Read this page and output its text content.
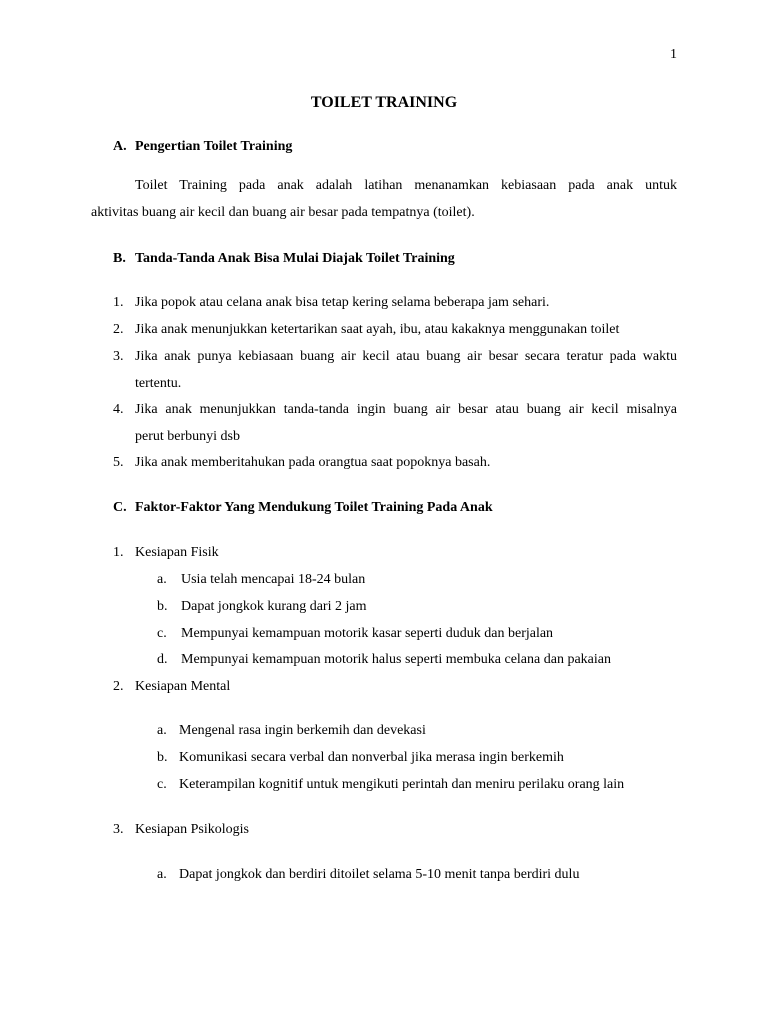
1
TOILET TRAINING
A. Pengertian Toilet Training
Toilet Training pada anak adalah latihan menanamkan kebiasaan pada anak untuk
aktivitas buang air kecil dan buang air besar pada tempatnya (toilet).
B. Tanda-Tanda Anak Bisa Mulai Diajak Toilet Training
1. Jika popok atau celana anak bisa tetap kering selama beberapa jam sehari.
2. Jika anak menunjukkan ketertarikan saat ayah, ibu, atau kakaknya menggunakan toilet
3. Jika anak punya kebiasaan buang air kecil atau buang air besar secara teratur pada waktu
tertentu.
4. Jika anak menunjukkan tanda-tanda ingin buang air besar atau buang air kecil misalnya
perut berbunyi dsb
5. Jika anak memberitahukan pada orangtua saat popoknya basah.
C. Faktor-Faktor Yang Mendukung Toilet Training Pada Anak
1. Kesiapan Fisik
a. Usia telah mencapai 18-24 bulan
b. Dapat jongkok kurang dari 2 jam
c. Mempunyai kemampuan motorik kasar seperti duduk dan berjalan
d. Mempunyai kemampuan motorik halus seperti membuka celana dan pakaian
2. Kesiapan Mental
a. Mengenal rasa ingin berkemih dan devekasi
b. Komunikasi secara verbal dan nonverbal jika merasa ingin berkemih
c. Keterampilan kognitif untuk mengikuti perintah dan meniru perilaku orang lain
3. Kesiapan Psikologis
a. Dapat jongkok dan berdiri ditoilet selama 5-10 menit tanpa berdiri dulu
